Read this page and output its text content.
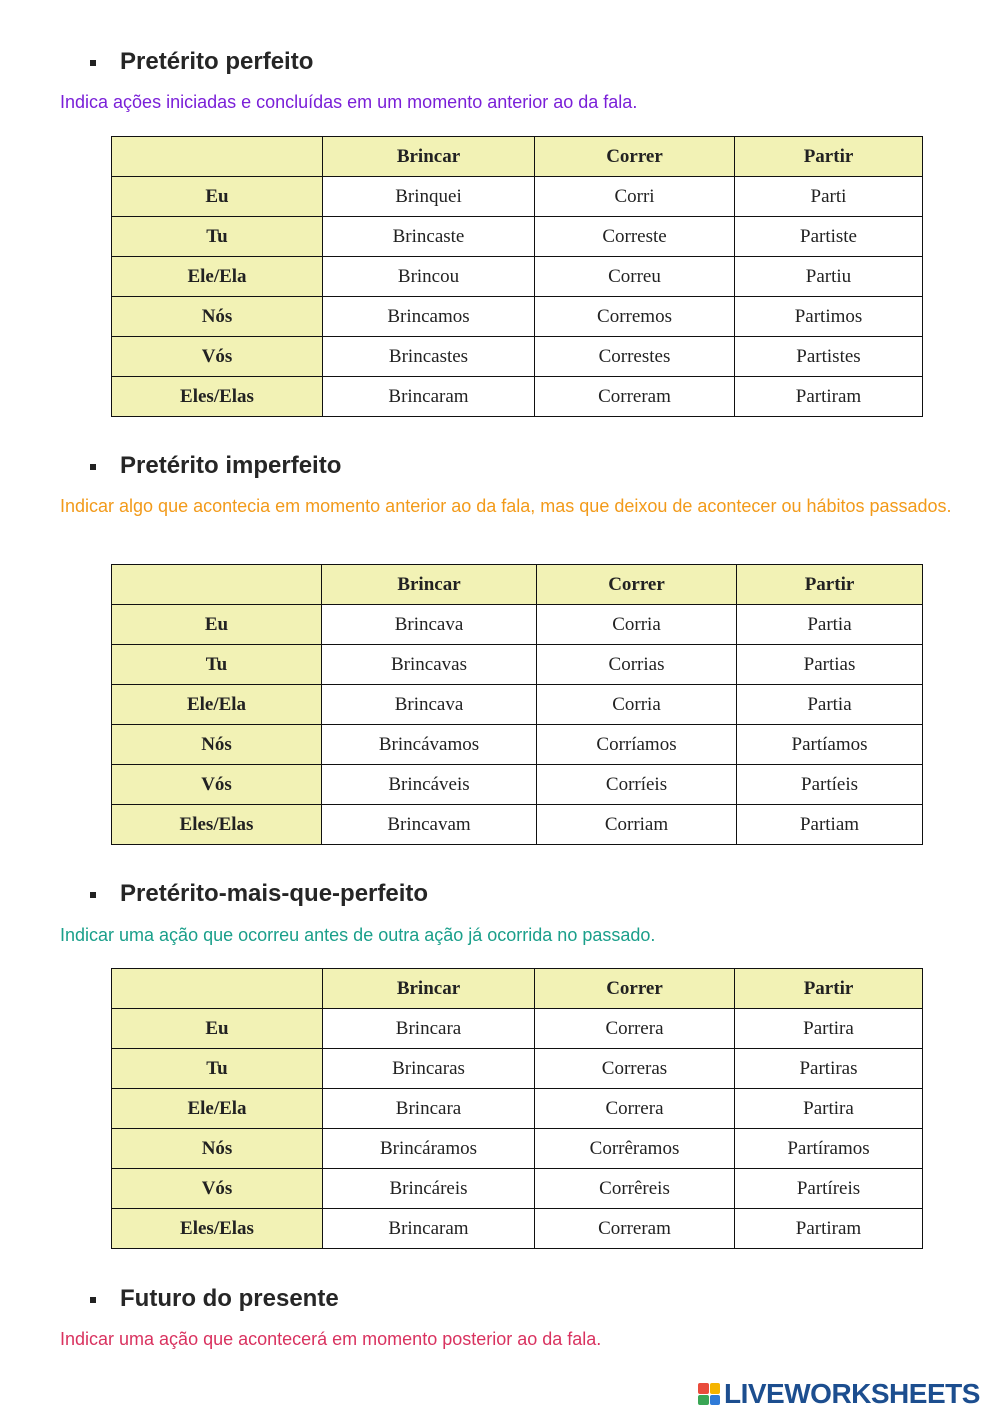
Pretérito perfeito

Indica ações iniciadas e concluídas em um momento anterior ao da fala.

	Brincar	Correr	Partir
Eu	Brinquei	Corri	Parti
Tu	Brincaste	Correste	Partiste
Ele/Ela	Brincou	Correu	Partiu
Nós	Brincamos	Corremos	Partimos
Vós	Brincastes	Correstes	Partistes
Eles/Elas	Brincaram	Correram	Partiram
Pretérito imperfeito

Indicar algo que acontecia em momento anterior ao da fala, mas que deixou de acontecer ou hábitos passados.

	Brincar	Correr	Partir
Eu	Brincava	Corria	Partia
Tu	Brincavas	Corrias	Partias
Ele/Ela	Brincava	Corria	Partia
Nós	Brincávamos	Corríamos	Partíamos
Vós	Brincáveis	Corríeis	Partíeis
Eles/Elas	Brincavam	Corriam	Partiam
Pretérito-mais-que-perfeito

Indicar uma ação que ocorreu antes de outra ação já ocorrida no passado.

	Brincar	Correr	Partir
Eu	Brincara	Correra	Partira
Tu	Brincaras	Correras	Partiras
Ele/Ela	Brincara	Correra	Partira
Nós	Brincáramos	Corrêramos	Partíramos
Vós	Brincáreis	Corrêreis	Partíreis
Eles/Elas	Brincaram	Correram	Partiram
Futuro do presente

Indicar uma ação que acontecerá em momento posterior ao da fala.

LIVEWORKSHEETS
